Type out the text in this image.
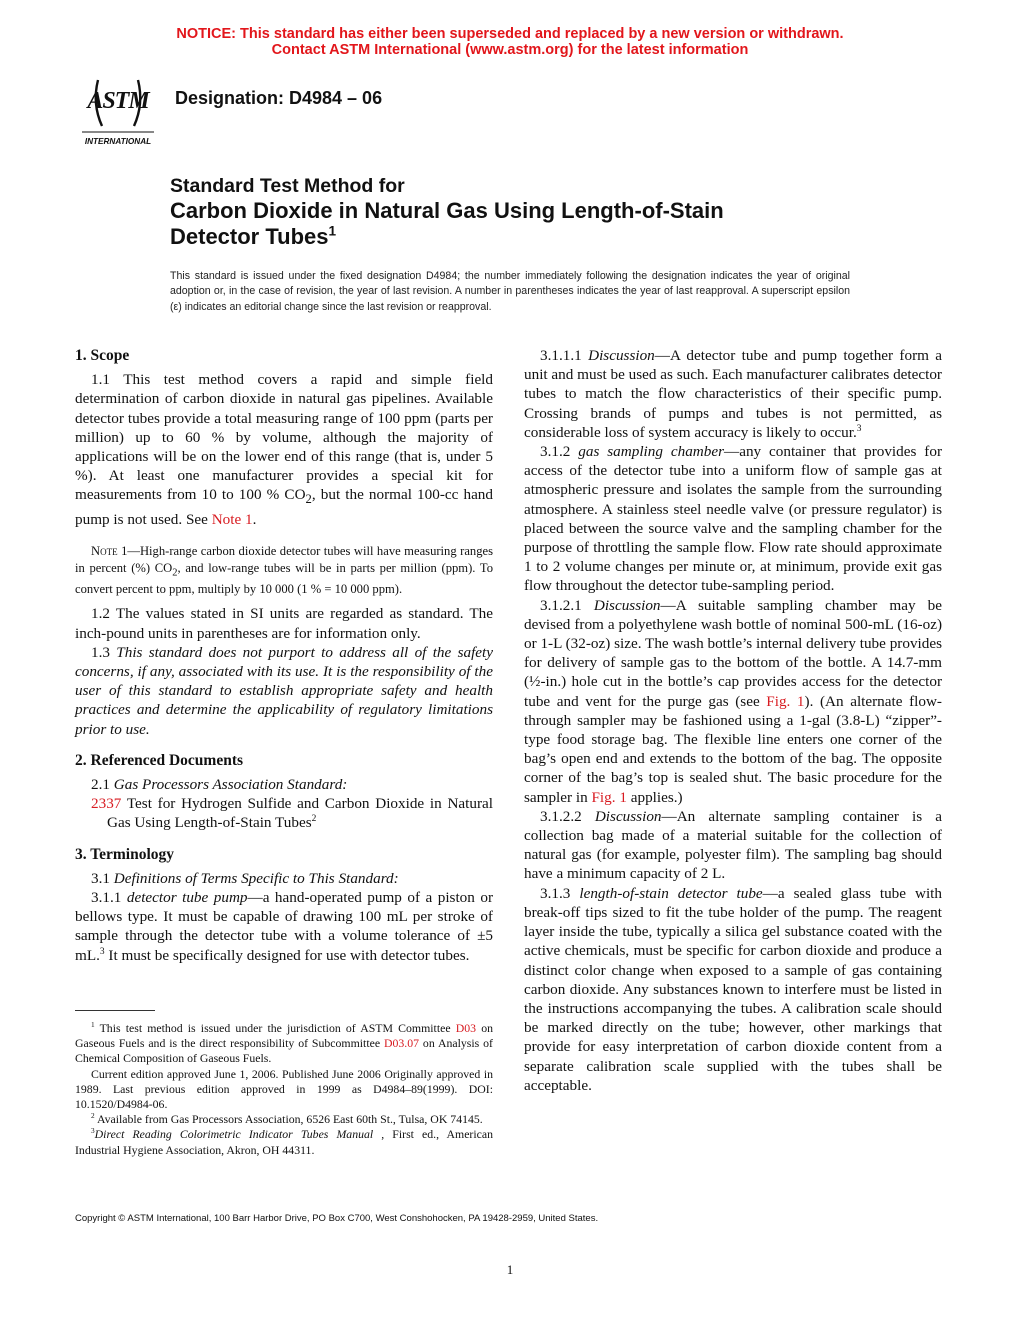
NOTICE: This standard has either been superseded and replaced by a new version or withdrawn.
Contact ASTM International (www.astm.org) for the latest information
ASTM
INTERNATIONAL
Designation: D4984 – 06
Standard Test Method for
Carbon Dioxide in Natural Gas Using Length-of-Stain
Detector Tubes$^1$
This standard is issued under the fixed designation D4984; the number immediately following the designation indicates the year of original adoption or, in the case of revision, the year of last revision. A number in parentheses indicates the year of last reapproval. A superscript epsilon (ε) indicates an editorial change since the last revision or reapproval.
1. Scope

1.1 This test method covers a rapid and simple field determination of carbon dioxide in natural gas pipelines. Available detector tubes provide a total measuring range of 100 ppm (parts per million) up to 60 % by volume, although the majority of applications will be on the lower end of this range (that is, under 5 %). At least one manufacturer provides a special kit for measurements from 10 to 100 % $CO_2$, but the normal 100-cc hand pump is not used. See Note 1.

Note 1—High-range carbon dioxide detector tubes will have measuring ranges in percent (%) $CO_2$, and low-range tubes will be in parts per million (ppm). To convert percent to ppm, multiply by 10 000 (1 % = 10 000 ppm).

1.2 The values stated in SI units are regarded as standard. The inch-pound units in parentheses are for information only.

1.3 This standard does not purport to address all of the safety concerns, if any, associated with its use. It is the responsibility of the user of this standard to establish appropriate safety and health practices and determine the applicability of regulatory limitations prior to use.

2. Referenced Documents

2.1 Gas Processors Association Standard:

2337 Test for Hydrogen Sulfide and Carbon Dioxide in Natural Gas Using Length-of-Stain Tubes$^2$

3. Terminology

3.1 Definitions of Terms Specific to This Standard:

3.1.1 detector tube pump—a hand-operated pump of a piston or bellows type. It must be capable of drawing 100 mL per stroke of sample through the detector tube with a volume tolerance of ±5 mL.$^3$ It must be specifically designed for use with detector tubes.

$^1$ This test method is issued under the jurisdiction of ASTM Committee D03 on Gaseous Fuels and is the direct responsibility of Subcommittee D03.07 on Analysis of Chemical Composition of Gaseous Fuels.

Current edition approved June 1, 2006. Published June 2006 Originally approved in 1989. Last previous edition approved in 1999 as D4984–89(1999). DOI: 10.1520/D4984-06.

$^2$ Available from Gas Processors Association, 6526 East 60th St., Tulsa, OK 74145.

$^3$Direct Reading Colorimetric Indicator Tubes Manual , First ed., American Industrial Hygiene Association, Akron, OH 44311.

3.1.1.1 Discussion—A detector tube and pump together form a unit and must be used as such. Each manufacturer calibrates detector tubes to match the flow characteristics of their specific pump. Crossing brands of pumps and tubes is not permitted, as considerable loss of system accuracy is likely to occur.$^3$

3.1.2 gas sampling chamber—any container that provides for access of the detector tube into a uniform flow of sample gas at atmospheric pressure and isolates the sample from the surrounding atmosphere. A stainless steel needle valve (or pressure regulator) is placed between the source valve and the sampling chamber for the purpose of throttling the sample flow. Flow rate should approximate 1 to 2 volume changes per minute or, at minimum, provide exit gas flow throughout the detector tube-sampling period.

3.1.2.1 Discussion—A suitable sampling chamber may be devised from a polyethylene wash bottle of nominal 500-mL (16-oz) or 1-L (32-oz) size. The wash bottle’s internal delivery tube provides for delivery of sample gas to the bottom of the bottle. A 14.7-mm (½-in.) hole cut in the bottle’s cap provides access for the detector tube and vent for the purge gas (see Fig. 1). (An alternate flow-through sampler may be fashioned using a 1-gal (3.8-L) “zipper”-type food storage bag. The flexible line enters one corner of the bag’s open end and extends to the bottom of the bag. The opposite corner of the bag’s top is sealed shut. The basic procedure for the sampler in Fig. 1 applies.)

3.1.2.2 Discussion—An alternate sampling container is a collection bag made of a material suitable for the collection of natural gas (for example, polyester film). The sampling bag should have a minimum capacity of 2 L.

3.1.3 length-of-stain detector tube—a sealed glass tube with break-off tips sized to fit the tube holder of the pump. The reagent layer inside the tube, typically a silica gel substance coated with the active chemicals, must be specific for carbon dioxide and produce a distinct color change when exposed to a sample of gas containing carbon dioxide. Any substances known to interfere must be listed in the instructions accompanying the tubes. A calibration scale should be marked directly on the tube; however, other markings that provide for easy interpretation of carbon dioxide content from a separate calibration scale supplied with the tubes shall be acceptable.

Copyright © ASTM International, 100 Barr Harbor Drive, PO Box C700, West Conshohocken, PA 19428-2959, United States.
1
